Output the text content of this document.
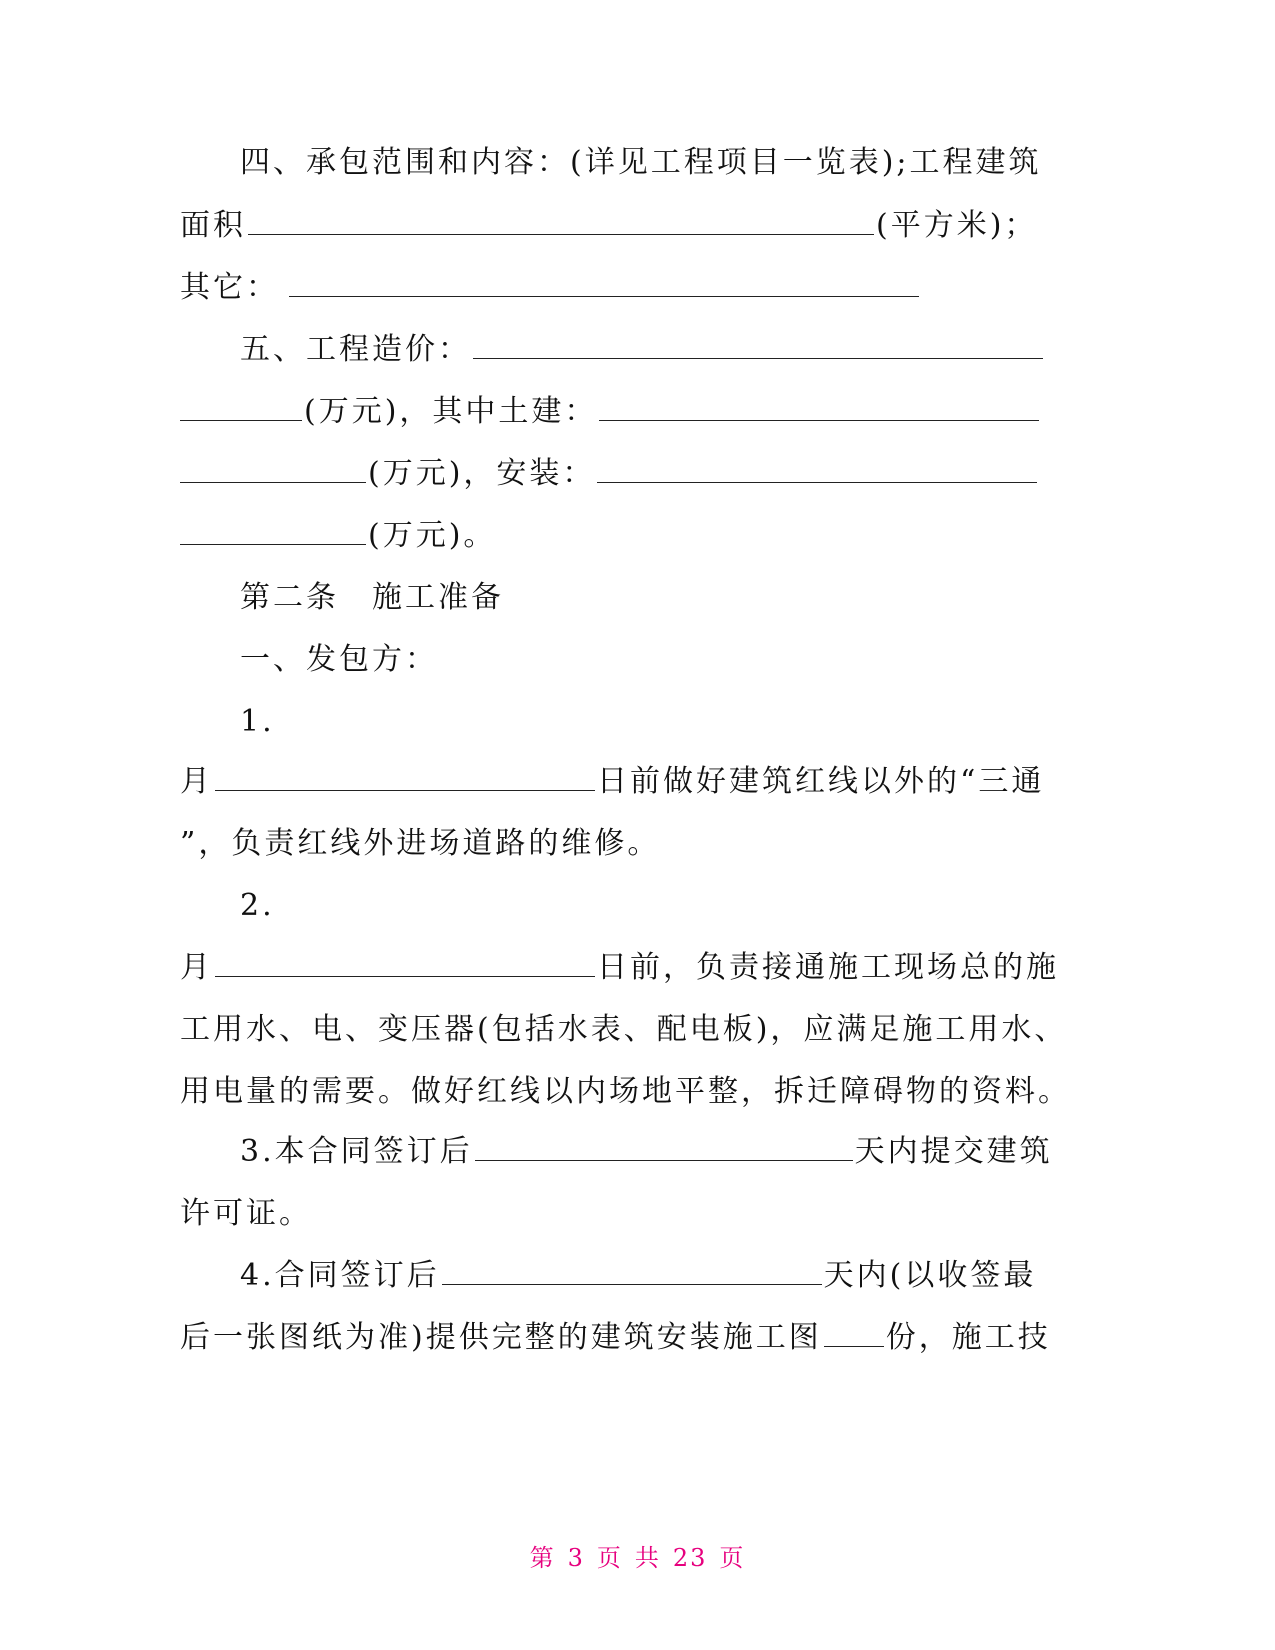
四、承包范围和内容：(详见工程项目一览表);工程建筑
面积	(平方米)；
其它：
五、工程造价：
(万元)，其中土建：
(万元)，安装：
(万元)。
第二条　施工准备
一、发包方：
1.
月	日前做好建筑红线以外的“三通
”，负责红线外进场道路的维修。
2.
月	日前，负责接通施工现场总的施
工用水、电、变压器(包括水表、配电板)，应满足施工用水、
用电量的需要。做好红线以内场地平整，拆迁障碍物的资料。
3.本合同签订后	天内提交建筑
许可证。
4.合同签订后	天内(以收签最
后一张图纸为准)提供完整的建筑安装施工图 份，施工技
第 3 页 共 23 页
